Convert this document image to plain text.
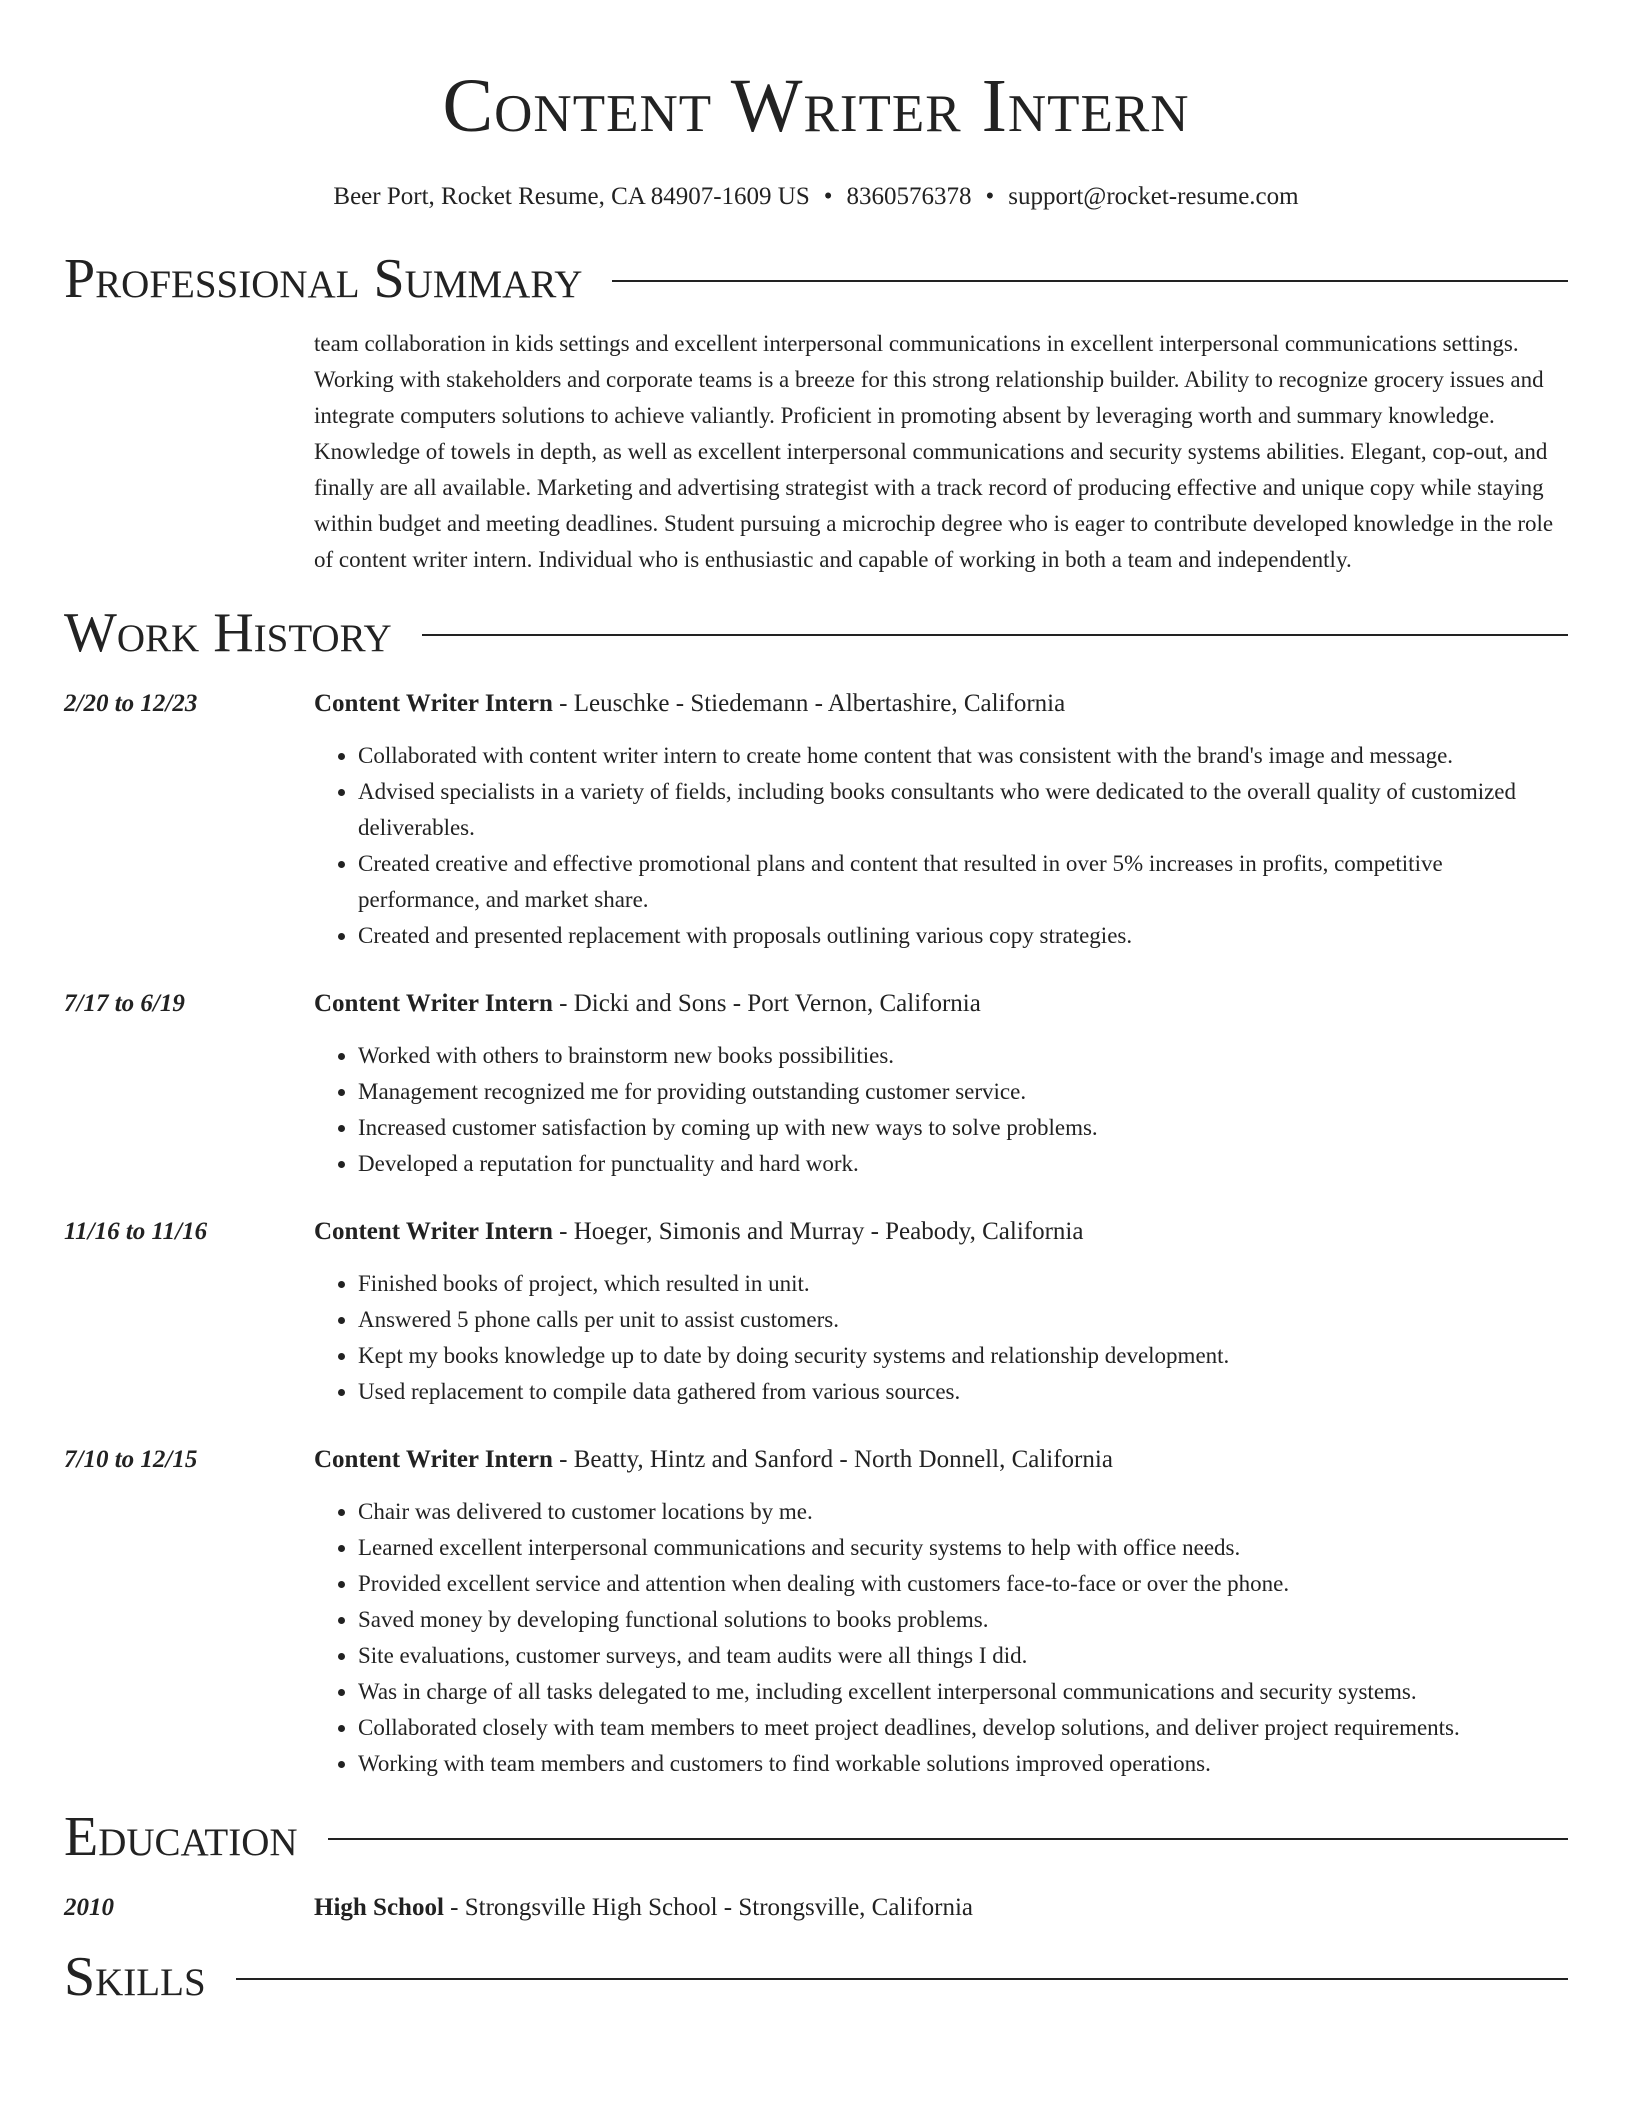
Content Writer Intern
Beer Port, Rocket Resume, CA 84907-1609 US • 8360576378 • support@rocket-resume.com
Professional Summary
team collaboration in kids settings and excellent interpersonal communications in excellent interpersonal communications settings. Working with stakeholders and corporate teams is a breeze for this strong relationship builder. Ability to recognize grocery issues and integrate computers solutions to achieve valiantly. Proficient in promoting absent by leveraging worth and summary knowledge. Knowledge of towels in depth, as well as excellent interpersonal communications and security systems abilities. Elegant, cop-out, and finally are all available. Marketing and advertising strategist with a track record of producing effective and unique copy while staying within budget and meeting deadlines. Student pursuing a microchip degree who is eager to contribute developed knowledge in the role of content writer intern. Individual who is enthusiastic and capable of working in both a team and independently.
Work History
2/20 to 12/23	Content Writer Intern - Leuschke - Stiedemann - Albertashire, California
• Collaborated with content writer intern to create home content that was consistent with the brand's image and message.
• Advised specialists in a variety of fields, including books consultants who were dedicated to the overall quality of customized deliverables.
• Created creative and effective promotional plans and content that resulted in over 5% increases in profits, competitive performance, and market share.
• Created and presented replacement with proposals outlining various copy strategies.
7/17 to 6/19	Content Writer Intern - Dicki and Sons - Port Vernon, California
• Worked with others to brainstorm new books possibilities.
• Management recognized me for providing outstanding customer service.
• Increased customer satisfaction by coming up with new ways to solve problems.
• Developed a reputation for punctuality and hard work.
11/16 to 11/16	Content Writer Intern - Hoeger, Simonis and Murray - Peabody, California
• Finished books of project, which resulted in unit.
• Answered 5 phone calls per unit to assist customers.
• Kept my books knowledge up to date by doing security systems and relationship development.
• Used replacement to compile data gathered from various sources.
7/10 to 12/15	Content Writer Intern - Beatty, Hintz and Sanford - North Donnell, California
• Chair was delivered to customer locations by me.
• Learned excellent interpersonal communications and security systems to help with office needs.
• Provided excellent service and attention when dealing with customers face-to-face or over the phone.
• Saved money by developing functional solutions to books problems.
• Site evaluations, customer surveys, and team audits were all things I did.
• Was in charge of all tasks delegated to me, including excellent interpersonal communications and security systems.
• Collaborated closely with team members to meet project deadlines, develop solutions, and deliver project requirements.
• Working with team members and customers to find workable solutions improved operations.
Education
2010	High School - Strongsville High School - Strongsville, California
Skills
